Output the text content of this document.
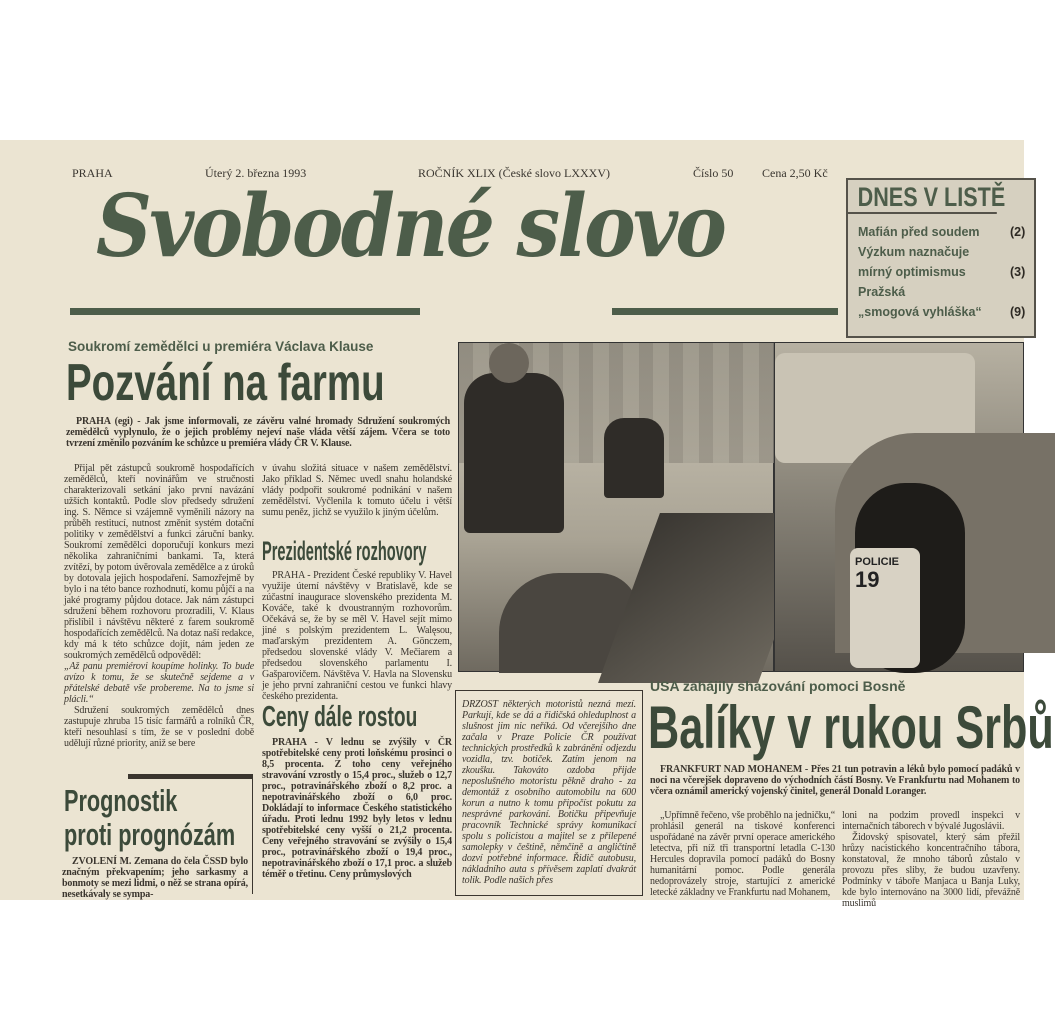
PRAHA	Úterý 2. března 1993	ROČNÍK XLIX (České slovo LXXXV)	Číslo 50 Cena 2,50 Kč
Svobodné slovo	DNES V LISTĚ
Mafián před soudem (2)
Výzkum naznačuje
mírný optimismus	(3)
Pražská
„smogová vyhláška“ (9)
Soukromí zemědělci u premiéra Václava Klause
Pozvání na farmu
PRAHA (egi) - Jak jsme informovali, ze závěru valné hromady Sdružení soukromých zemědělců vyplynulo, že o jejich problémy nejeví naše vláda větší zájem. Včera se toto tvrzení změnilo pozváním ke schůzce u premiéra vlády ČR V. Klause.

Přijal pět zástupců soukromě hospodařících zemědělců, kteří novinářům ve stručnosti charakterizovali setkání jako první navázání užších kontaktů. Podle slov předsedy sdružení ing. S. Němce si vzájemně vyměnili názory na průběh restitucí, nutnost změnit systém dotační politiky v zemědělství a funkci záruční banky. Soukromí zemědělci doporučují konkurs mezi několika zahraničními bankami. Ta, která zvítězí, by potom úvěrovala zemědělce a z úroků by dotovala jejich hospodaření. Samozřejmě by bylo i na této bance rozhodnutí, komu půjčí a na jaké programy půjdou dotace. Jak nám zástupci sdružení během rozhovoru prozradili, V. Klaus přislíbil i návštěvu některé z farem soukromě hospodařících zemědělců. Na dotaz naší redakce, kdy má k této schůzce dojít, nám jeden ze soukromých zemědělců odpověděl:

„Až panu premiérovi koupíme holinky. To bude avízo k tomu, že se skutečně sejdeme a v přátelské debatě vše probereme. Na to jsme si plácli.“

Sdružení soukromých zemědělců dnes zastupuje zhruba 15 tisíc farmářů a rolníků ČR, kteří nesouhlasí s tím, že se v poslední době udělují různé priority, aniž se bere

v úvahu složitá situace v našem zemědělství. Jako příklad S. Němec uvedl snahu holandské vlády podpořit soukromé podnikání v našem zemědělství. Vyčlenila k tomuto účelu i větší sumu peněz, jichž se využilo k jiným účelům.
Prezidentské rozhovory
PRAHA - Prezident České republiky V. Havel využije úterní návštěvy v Bratislavě, kde se zúčastní inaugurace slovenského prezidenta M. Kováče, také k dvoustranným rozhovorům. Očekává se, že by se měl V. Havel sejít mimo jiné s polským prezidentem L. Walęsou, maďarským prezidentem A. Gönczem, předsedou slovenské vlády V. Mečiarem a předsedou slovenského parlamentu I. Gašparovičem. Návštěva V. Havla na Slovensku je jeho první zahraniční cestou ve funkci hlavy českého prezidenta.
Ceny dále rostou
PRAHA - V lednu se zvýšily v ČR spotřebitelské ceny proti loňskému prosinci o 8,5 procenta. Z toho ceny veřejného stravování vzrostly o 15,4 proc., služeb o 12,7 proc., potravinářského zboží o 8,2 proc. a nepotravinářského zboží o 6,0 proc. Dokládají to informace Českého statistického úřadu. Proti lednu 1992 byly letos v lednu spotřebitelské ceny vyšší o 21,2 procenta. Ceny veřejného stravování se zvýšily o 15,4 proc., potravinářského zboží o 19,4 proc., nepotravinářského zboží o 17,1 proc. a služeb téměř o třetinu. Ceny průmyslových
Prognostik
proti prognózám
ZVOLENÍ M. Zemana do čela ČSSD bylo značným překvapením; jeho sarkasmy a bonmoty se mezi lidmi, o něž se strana opírá, nesetkávaly se sympa-
POLICIE
19
DRZOST některých motoristů nezná mezí. Parkují, kde se dá a řidičská ohleduplnost a slušnost jim nic neříká. Od včerejšího dne začala v Praze Policie ČR používat technických prostředků k zabránění odjezdu vozidla, tzv. botiček. Zatím jenom na zkoušku. Takováto ozdoba přijde neposlušného motoristu pěkně draho - za demontáž z osobního automobilu na 600 korun a nutno k tomu připočíst pokutu za nesprávné parkování. Botičku připevňuje pracovník Technické správy komunikací spolu s policistou a majitel se z přilepené samolepky v češtině, němčině a angličtině dozví potřebné informace. Řidič autobusu, nákladního auta s přívěsem zaplatí dvakrát tolik. Podle našich přes
USA zahájily shazování pomoci Bosně
Balíky v rukou Srbů
FRANKFURT NAD MOHANEM - Přes 21 tun potravin a léků bylo pomocí padáků v noci na včerejšek dopraveno do východních částí Bosny. Ve Frankfurtu nad Mohanem to včera oznámil americký vojenský činitel, generál Donald Loranger.
„Upřímně řečeno, vše proběhlo na jedničku,“ prohlásil generál na tiskové konferenci uspořádané na závěr první operace amerického letectva, při níž tři transportní letadla C-130 Hercules dopravila pomocí padáků do Bosny humanitární pomoc. Podle generála nedoprovázely stroje, startující z americké letecké základny ve Frankfurtu nad Mohanem,

loni na podzim provedl inspekci v internačních táborech v bývalé Jugoslávii.

Židovský spisovatel, který sám přežil hrůzy nacistického koncentračního tábora, konstatoval, že mnoho táborů zůstalo v provozu přes sliby, že budou uzavřeny. Podmínky v táboře Manjaca u Banja Luky, kde bylo internováno na 3000 lidí, převážně muslimů
